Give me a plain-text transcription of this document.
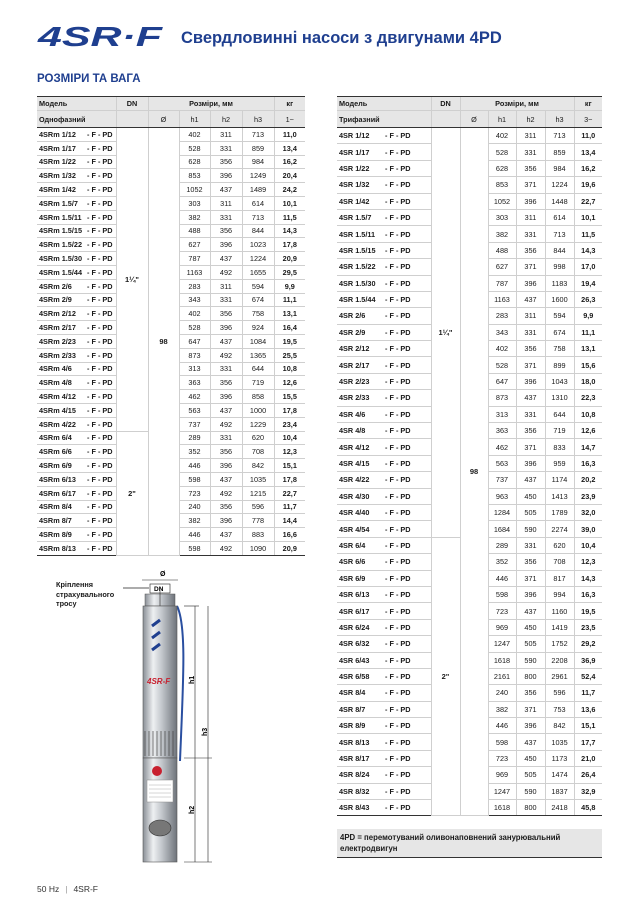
4SR·F Свердловинні насоси з двигунами 4PD
РОЗМІРИ ТА ВАГА
Модель	DN	Розміри, мм				кг
Однофазний		Ø	h1	h2	h3	1~
4SRm 1/12 - F - PD	1¼"	98	402	311	713	11,0
4SRm 1/17 - F - PD			528	331	859	13,4
4SRm 1/22 - F - PD			628	356	984	16,2
4SRm 1/32 - F - PD			853	396	1249	20,4
4SRm 1/42 - F - PD			1052	437	1489	24,2
4SRm 1.5/7 - F - PD			303	311	614	10,1
4SRm 1.5/11 - F - PD			382	331	713	11,5
4SRm 1.5/15 - F - PD			488	356	844	14,3
4SRm 1.5/22 - F - PD			627	396	1023	17,8
4SRm 1.5/30 - F - PD			787	437	1224	20,9
4SRm 1.5/44 - F - PD			1163	492	1655	29,5
4SRm 2/6 - F - PD			283	311	594	9,9
4SRm 2/9 - F - PD			343	331	674	11,1
4SRm 2/12 - F - PD			402	356	758	13,1
4SRm 2/17 - F - PD			528	396	924	16,4
4SRm 2/23 - F - PD			647	437	1084	19,5
4SRm 2/33 - F - PD			873	492	1365	25,5
4SRm 4/6 - F - PD			313	331	644	10,8
4SRm 4/8 - F - PD			363	356	719	12,6
4SRm 4/12 - F - PD			462	396	858	15,5
4SRm 4/15 - F - PD			563	437	1000	17,8
4SRm 4/22 - F - PD			737	492	1229	23,4
4SRm 6/4 - F - PD	2"		289	331	620	10,4
4SRm 6/6 - F - PD			352	356	708	12,3
4SRm 6/9 - F - PD			446	396	842	15,1
4SRm 6/13 - F - PD			598	437	1035	17,8
4SRm 6/17 - F - PD			723	492	1215	22,7
4SRm 8/4 - F - PD			240	356	596	11,7
4SRm 8/7 - F - PD			382	396	778	14,4
4SRm 8/9 - F - PD			446	437	883	16,6
4SRm 8/13 - F - PD			598	492	1090	20,9
Модель	DN	Розміри, мм				кг
Трифазний		Ø	h1	h2	h3	3~
4SR 1/12 - F - PD	1¼"	98	402	311	713	11,0
4SR 1/17 - F - PD			528	331	859	13,4
4SR 1/22 - F - PD			628	356	984	16,2
4SR 1/32 - F - PD			853	371	1224	19,6
4SR 1/42 - F - PD			1052	396	1448	22,7
4SR 1.5/7 - F - PD			303	311	614	10,1
4SR 1.5/11 - F - PD			382	331	713	11,5
4SR 1.5/15 - F - PD			488	356	844	14,3
4SR 1.5/22 - F - PD			627	371	998	17,0
4SR 1.5/30 - F - PD			787	396	1183	19,4
4SR 1.5/44 - F - PD			1163	437	1600	26,3
4SR 2/6 - F - PD			283	311	594	9,9
4SR 2/9 - F - PD			343	331	674	11,1
4SR 2/12 - F - PD			402	356	758	13,1
4SR 2/17 - F - PD			528	371	899	15,6
4SR 2/23 - F - PD			647	396	1043	18,0
4SR 2/33 - F - PD			873	437	1310	22,3
4SR 4/6 - F - PD			313	331	644	10,8
4SR 4/8 - F - PD			363	356	719	12,6
4SR 4/12 - F - PD			462	371	833	14,7
4SR 4/15 - F - PD			563	396	959	16,3
4SR 4/22 - F - PD			737	437	1174	20,2
4SR 4/30 - F - PD			963	450	1413	23,9
4SR 4/40 - F - PD			1284	505	1789	32,0
4SR 4/54 - F - PD			1684	590	2274	39,0
4SR 6/4 - F - PD	2"		289	331	620	10,4
4SR 6/6 - F - PD			352	356	708	12,3
4SR 6/9 - F - PD			446	371	817	14,3
4SR 6/13 - F - PD			598	396	994	16,3
4SR 6/17 - F - PD			723	437	1160	19,5
4SR 6/24 - F - PD			969	450	1419	23,5
4SR 6/32 - F - PD			1247	505	1752	29,2
4SR 6/43 - F - PD			1618	590	2208	36,9
4SR 6/58 - F - PD			2161	800	2961	52,4
4SR 8/4 - F - PD			240	356	596	11,7
4SR 8/7 - F - PD			382	371	753	13,6
4SR 8/9 - F - PD			446	396	842	15,1
4SR 8/13 - F - PD			598	437	1035	17,7
4SR 8/17 - F - PD			723	450	1173	21,0
4SR 8/24 - F - PD			969	505	1474	26,4
4SR 8/32 - F - PD			1247	590	1837	32,9
4SR 8/43 - F - PD			1618	800	2418	45,8
4PD = перемотуваний оливонаповнений занурювальний електродвигун
Кріплення
страхувального
тросу
Ø
DN
4SR-F	h1
h3
h2
50 Hz | 4SR-F
